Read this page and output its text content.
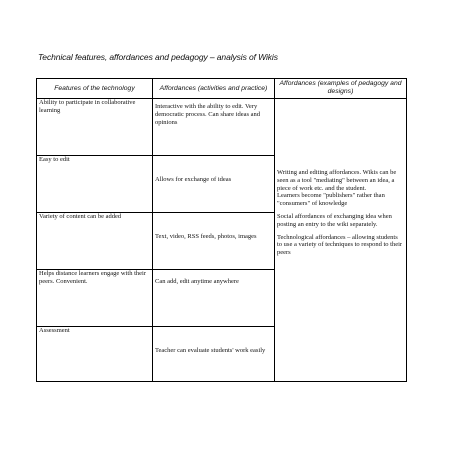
Technical features, affordances and pedagogy – analysis of Wikis
Features of the technology	Affordances (activities and practice)	Affordances (examples of pedagogy and designs)

Ability to participate in collaborative learning	Interactive with the ability to edit. Very democratic process. Can share ideas and opinions	Writing and editing affordances. Wikis can be seen as a tool "mediating" between an idea, a piece of work etc. and the student.

Learners become "publishers" rather than "consumers" of knowledge

Social affordances of exchanging idea when posting an entry to the wiki separately.

Technological affordances – allowing students to use a variety of techniques to respond to their peers

Easy to edit	Allows for exchange of ideas	

Variety of content can be added	Text, video, RSS feeds, photos, images	

Helps distance learners engage with their peers. Convenient.	Can add, edit anytime anywhere	

Assessment	Teacher can evaluate students' work easily	
